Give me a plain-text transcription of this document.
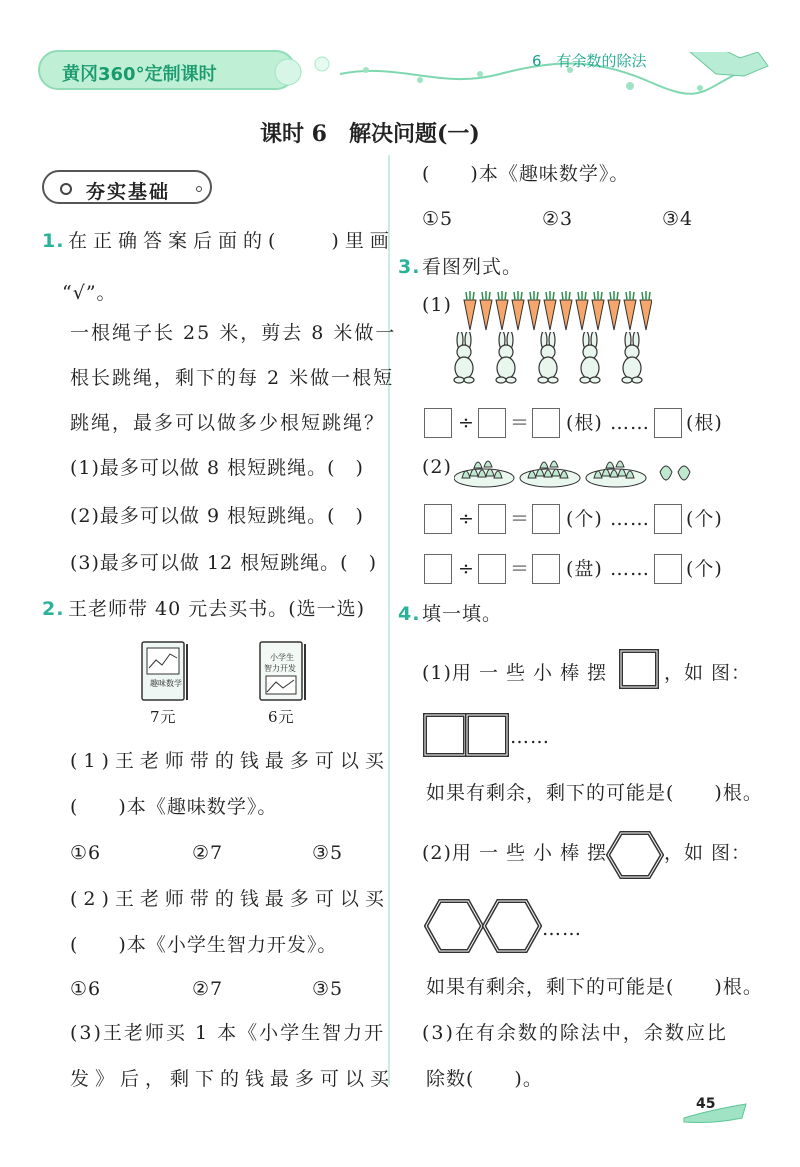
黄冈360°定制课时
6　有余数的除法
课时 6　解决问题(一)
夯实基础
1. 在正确答案后面的(　　)里画
“√”。
一根绳子长 25 米，剪去 8 米做一
根长跳绳，剩下的每 2 米做一根短
跳绳，最多可以做多少根短跳绳？
(1)最多可以做 8 根短跳绳。(　)
(2)最多可以做 9 根短跳绳。(　)
(3)最多可以做 12 根短跳绳。(　)
2. 王老师带 40 元去买书。(选一选)
趣味数学
7元
小学生
智力开发
6元
(1)王老师带的钱最多可以买
(　　)本《趣味数学》。
①6	②7	③5
(2)王老师带的钱最多可以买
(　　)本《小学生智力开发》。
①6	②7	③5
(3)王老师买 1 本《小学生智力开
发》后，剩下的钱最多可以买
(　　)本《趣味数学》。
①5	②3	③4
3. 看图列式。
(1)
÷ ＝ (根) …… (根)
(2)
÷ ＝ (个) …… (个)
÷ ＝ (盘) …… (个)
4. 填一填。
(1)用 一 些 小 棒 摆	，如 图：
……
如果有剩余，剩下的可能是(　　)根。
(2)用 一 些 小 棒 摆	，如 图：
……
如果有剩余，剩下的可能是(　　)根。
(3)在有余数的除法中，余数应比
除数(　　)。
45
